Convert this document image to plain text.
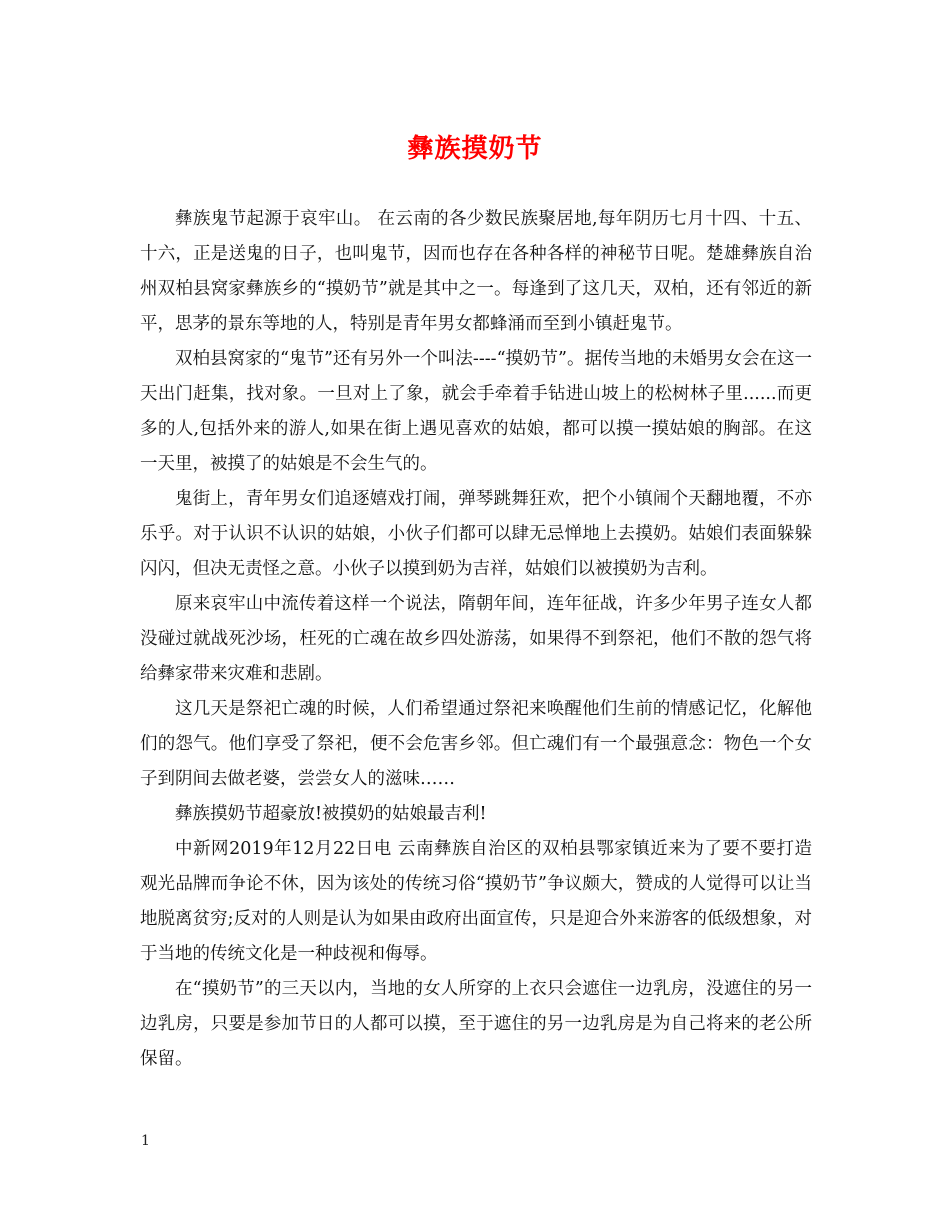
彝族摸奶节

彝族鬼节起源于哀牢山。 在云南的各少数民族聚居地,每年阴历七月十四、十五、十六，正是送鬼的日子，也叫鬼节，因而也存在各种各样的神秘节日呢。楚雄彝族自治州双柏县窝家彝族乡的“摸奶节”就是其中之一。每逢到了这几天，双柏，还有邻近的新平，思茅的景东等地的人，特别是青年男女都蜂涌而至到小镇赶鬼节。

双柏县窝家的“鬼节”还有另外一个叫法----“摸奶节”。据传当地的未婚男女会在这一天出门赶集，找对象。一旦对上了象，就会手牵着手钻进山坡上的松树林子里......而更多的人,包括外来的游人,如果在街上遇见喜欢的姑娘，都可以摸一摸姑娘的胸部。在这一天里，被摸了的姑娘是不会生气的。

鬼街上，青年男女们追逐嬉戏打闹，弹琴跳舞狂欢，把个小镇闹个天翻地覆，不亦乐乎。对于认识不认识的姑娘，小伙子们都可以肆无忌惮地上去摸奶。姑娘们表面躲躲闪闪，但决无责怪之意。小伙子以摸到奶为吉祥，姑娘们以被摸奶为吉利。

原来哀牢山中流传着这样一个说法，隋朝年间，连年征战，许多少年男子连女人都没碰过就战死沙场，枉死的亡魂在故乡四处游荡，如果得不到祭祀，他们不散的怨气将给彝家带来灾难和悲剧。

这几天是祭祀亡魂的时候，人们希望通过祭祀来唤醒他们生前的情感记忆，化解他们的怨气。他们享受了祭祀，便不会危害乡邻。但亡魂们有一个最强意念：物色一个女子到阴间去做老婆，尝尝女人的滋味……

彝族摸奶节超豪放!被摸奶的姑娘最吉利!

中新网2019年12月22日电 云南彝族自治区的双柏县鄂家镇近来为了要不要打造观光品牌而争论不休，因为该处的传统习俗“摸奶节”争议颇大，赞成的人觉得可以让当地脱离贫穷;反对的人则是认为如果由政府出面宣传，只是迎合外来游客的低级想象，对于当地的传统文化是一种歧视和侮辱。

在“摸奶节”的三天以内，当地的女人所穿的上衣只会遮住一边乳房，没遮住的另一边乳房，只要是参加节日的人都可以摸，至于遮住的另一边乳房是为自己将来的老公所保留。

1
